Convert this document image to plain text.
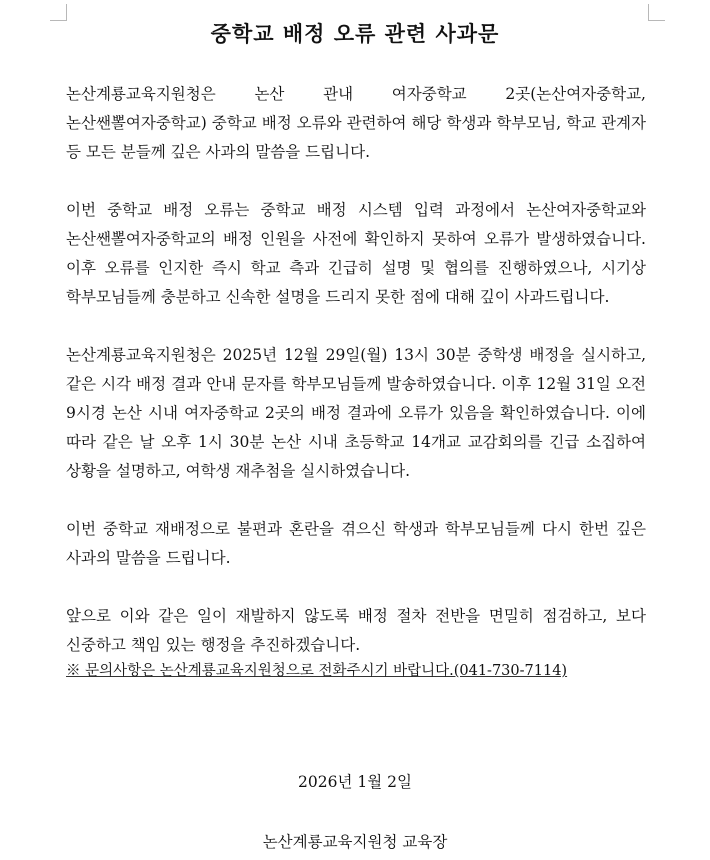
중학교 배정 오류 관련 사과문

논산계룡교육지원청은 논산 관내 여자중학교 2곳(논산여자중학교, 논산쌘뽈여자중학교) 중학교 배정 오류와 관련하여 해당 학생과 학부모님, 학교 관계자 등 모든 분들께 깊은 사과의 말씀을 드립니다.

이번 중학교 배정 오류는 중학교 배정 시스템 입력 과정에서 논산여자중학교와 논산쌘뽈여자중학교의 배정 인원을 사전에 확인하지 못하여 오류가 발생하였습니다. 이후 오류를 인지한 즉시 학교 측과 긴급히 설명 및 협의를 진행하였으나, 시기상 학부모님들께 충분하고 신속한 설명을 드리지 못한 점에 대해 깊이 사과드립니다.

논산계룡교육지원청은 2025년 12월 29일(월) 13시 30분 중학생 배정을 실시하고, 같은 시각 배정 결과 안내 문자를 학부모님들께 발송하였습니다. 이후 12월 31일 오전 9시경 논산 시내 여자중학교 2곳의 배정 결과에 오류가 있음을 확인하였습니다. 이에 따라 같은 날 오후 1시 30분 논산 시내 초등학교 14개교 교감회의를 긴급 소집하여 상황을 설명하고, 여학생 재추첨을 실시하였습니다.

이번 중학교 재배정으로 불편과 혼란을 겪으신 학생과 학부모님들께 다시 한번 깊은 사과의 말씀을 드립니다.

앞으로 이와 같은 일이 재발하지 않도록 배정 절차 전반을 면밀히 점검하고, 보다 신중하고 책임 있는 행정을 추진하겠습니다.

※ 문의사항은 논산계룡교육지원청으로 전화주시기 바랍니다.(041-730-7114)

2026년 1월 2일
논산계룡교육지원청 교육장
